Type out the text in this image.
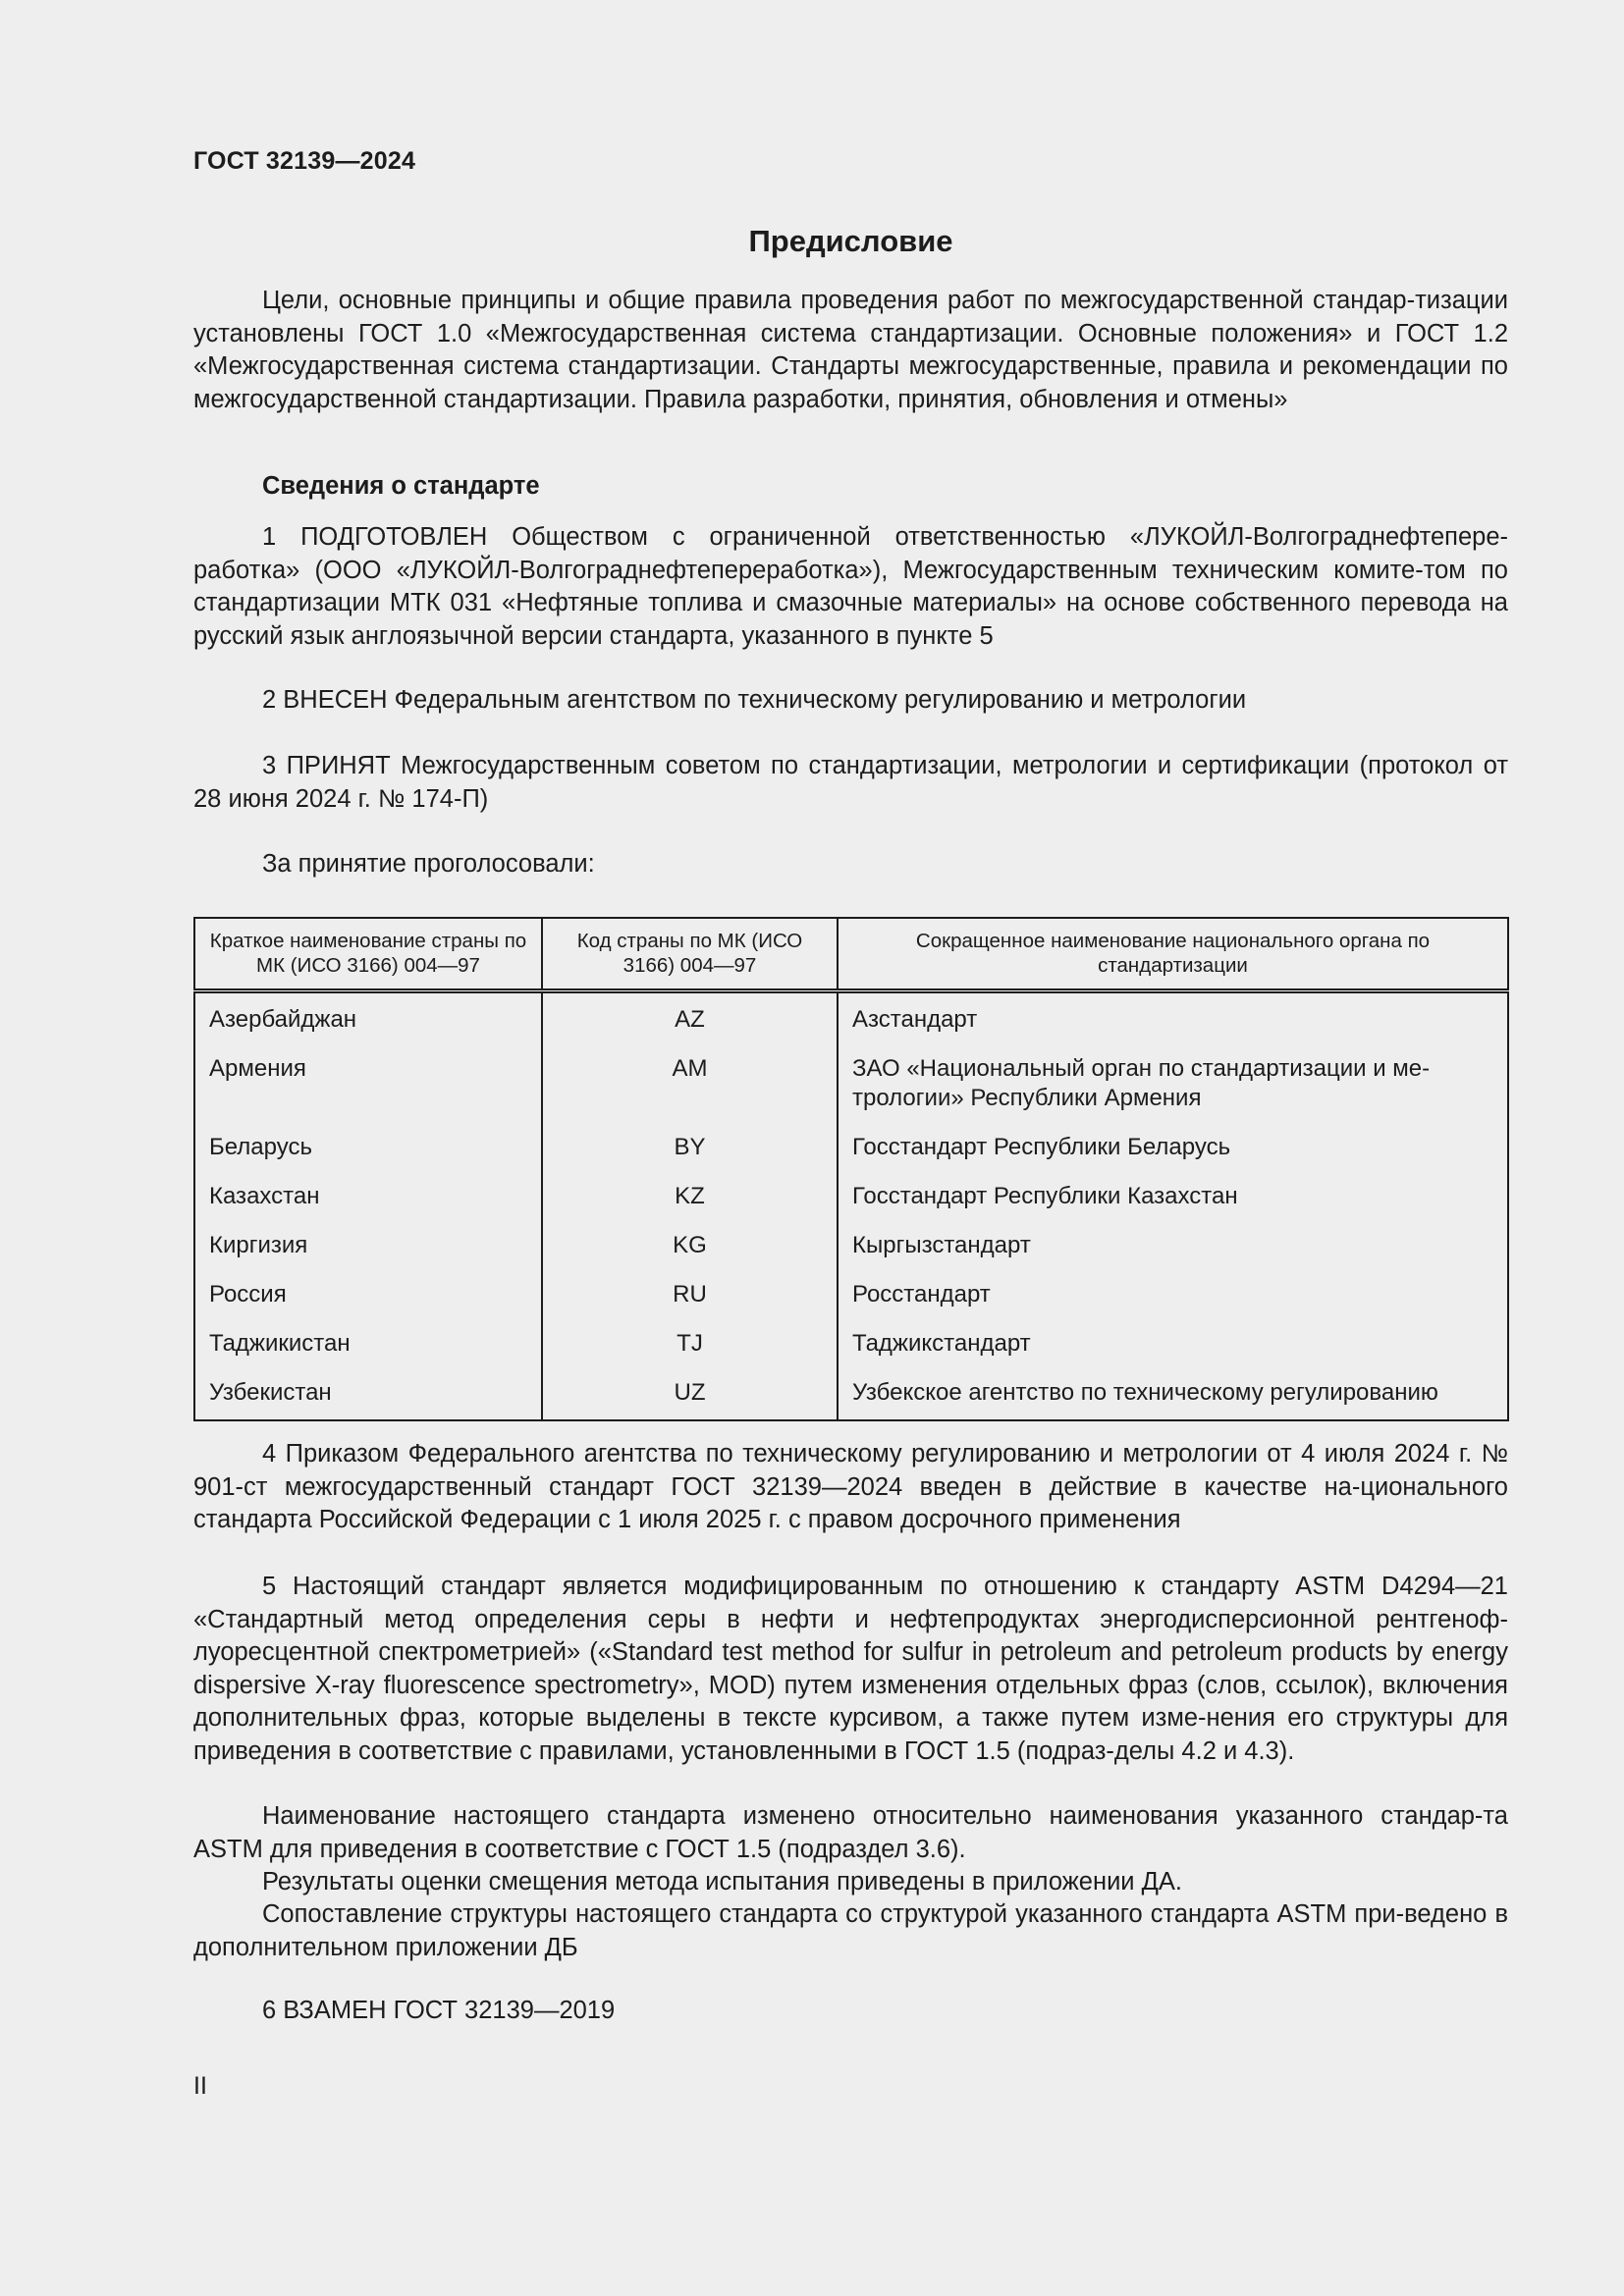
ГОСТ 32139—2024
Предисловие

Цели, основные принципы и общие правила проведения работ по межгосударственной стандар-тизации установлены ГОСТ 1.0 «Межгосударственная система стандартизации. Основные положения» и ГОСТ 1.2 «Межгосударственная система стандартизации. Стандарты межгосударственные, правила и рекомендации по межгосударственной стандартизации. Правила разработки, принятия, обновления и отмены»

Сведения о стандарте

1 ПОДГОТОВЛЕН Обществом с ограниченной ответственностью «ЛУКОЙЛ-Волгограднефтепере-работка» (ООО «ЛУКОЙЛ-Волгограднефтепереработка»), Межгосударственным техническим комите-том по стандартизации МТК 031 «Нефтяные топлива и смазочные материалы» на основе собственного перевода на русский язык англоязычной версии стандарта, указанного в пункте 5

2 ВНЕСЕН Федеральным агентством по техническому регулированию и метрологии

3 ПРИНЯТ Межгосударственным советом по стандартизации, метрологии и сертификации (протокол от 28 июня 2024 г. № 174-П)

За принятие проголосовали:

Краткое наименование страны по МК (ИСО 3166) 004—97	Код страны по МК (ИСО 3166) 004—97	Сокращенное наименование национального органа по стандартизации
Азербайджан	AZ	Азстандарт
Армения	AM	ЗАО «Национальный орган по стандартизации и ме-трологии» Республики Армения
Беларусь	BY	Госстандарт Республики Беларусь
Казахстан	KZ	Госстандарт Республики Казахстан
Киргизия	KG	Кыргызстандарт
Россия	RU	Росстандарт
Таджикистан	TJ	Таджикстандарт
Узбекистан	UZ	Узбекское агентство по техническому регулированию

4 Приказом Федерального агентства по техническому регулированию и метрологии от 4 июля 2024 г. № 901-ст межгосударственный стандарт ГОСТ 32139—2024 введен в действие в качестве на-ционального стандарта Российской Федерации с 1 июля 2025 г. с правом досрочного применения

5 Настоящий стандарт является модифицированным по отношению к стандарту ASTM D4294—21 «Стандартный метод определения серы в нефти и нефтепродуктах энергодисперсионной рентгеноф-луоресцентной спектрометрией» («Standard test method for sulfur in petroleum and petroleum products by energy dispersive X-ray fluorescence spectrometry», MOD) путем изменения отдельных фраз (слов, ссылок), включения дополнительных фраз, которые выделены в тексте курсивом, а также путем изме-нения его структуры для приведения в соответствие с правилами, установленными в ГОСТ 1.5 (подраз-делы 4.2 и 4.3).

Наименование настоящего стандарта изменено относительно наименования указанного стандар-та ASTM для приведения в соответствие с ГОСТ 1.5 (подраздел 3.6).

Результаты оценки смещения метода испытания приведены в приложении ДА.

Сопоставление структуры настоящего стандарта со структурой указанного стандарта ASTM при-ведено в дополнительном приложении ДБ

6 ВЗАМЕН ГОСТ 32139—2019

II
